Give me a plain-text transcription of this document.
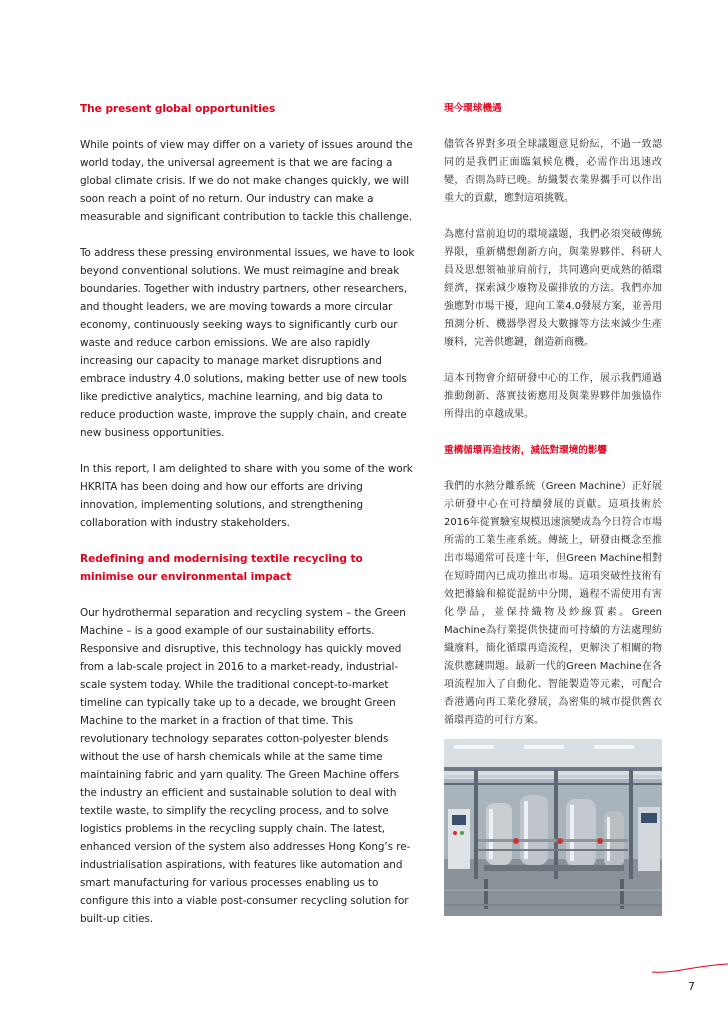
The present global opportunities

While points of view may differ on a variety of issues around the world today, the universal agreement is that we are facing a global climate crisis. If we do not make changes quickly, we will soon reach a point of no return. Our industry can make a measurable and significant contribution to tackle this challenge.

To address these pressing environmental issues, we have to look beyond conventional solutions. We must reimagine and break boundaries. Together with industry partners, other researchers, and thought leaders, we are moving towards a more circular economy, continuously seeking ways to significantly curb our waste and reduce carbon emissions. We are also rapidly increasing our capacity to manage market disruptions and embrace industry 4.0 solutions, making better use of new tools like predictive analytics, machine learning, and big data to reduce production waste, improve the supply chain, and create new business opportunities.

In this report, I am delighted to share with you some of the work HKRITA has been doing and how our efforts are driving innovation, implementing solutions, and strengthening collaboration with industry stakeholders.

Redefining and modernising textile recycling to minimise our environmental impact

Our hydrothermal separation and recycling system – the Green Machine – is a good example of our sustainability efforts. Responsive and disruptive, this technology has quickly moved from a lab-scale project in 2016 to a market-ready, industrial-scale system today. While the traditional concept-to-market timeline can typically take up to a decade, we brought Green Machine to the market in a fraction of that time. This revolutionary technology separates cotton-polyester blends without the use of harsh chemicals while at the same time maintaining fabric and yarn quality. The Green Machine offers the industry an efficient and sustainable solution to deal with textile waste, to simplify the recycling process, and to solve logistics problems in the recycling supply chain. The latest, enhanced version of the system also addresses Hong Kong’s re-industrialisation aspirations, with features like automation and smart manufacturing for various processes enabling us to configure this into a viable post-consumer recycling solution for built-up cities.

現今環球機遇

儘管各界對多項全球議題意見紛紜，不過一致認同的是我們正面臨氣候危機，必需作出迅速改變，否則為時已晚。紡織製衣業界攜手可以作出重大的貢獻，應對這項挑戰。

為應付當前迫切的環境議題，我們必須突破傳統界限，重新構想創新方向，與業界夥伴、科研人員及思想領袖並肩前行，共同邁向更成熟的循環經濟，探索減少廢物及碳排放的方法。我們亦加強應對市場干擾，迎向工業4.0發展方案，並善用預測分析、機器學習及大數據等方法來減少生產廢料，完善供應鏈，創造新商機。

這本刊物會介紹研發中心的工作，展示我們通過推動創新、落實技術應用及與業界夥伴加強協作所得出的卓越成果。

重構循環再造技術，減低對環境的影響

我們的水熱分離系統（Green Machine）正好展示研發中心在可持續發展的貢獻。這項技術於2016年從實驗室規模迅速演變成為今日符合市場所需的工業生產系統。傳統上，研發由概念至推出市場通常可長達十年，但Green Machine相對在短時間內已成功推出市場。這項突破性技術有效把滌綸和棉從混紡中分開，過程不需使用有害化學品，並保持織物及紗線質素。Green Machine為行業提供快捷而可持續的方法處理紡織廢料，簡化循環再造流程，更解決了相關的物流供應鏈問題。最新一代的Green Machine在各項流程加入了自動化、智能製造等元素，可配合香港邁向再工業化發展，為密集的城市提供舊衣循環再造的可行方案。

7
